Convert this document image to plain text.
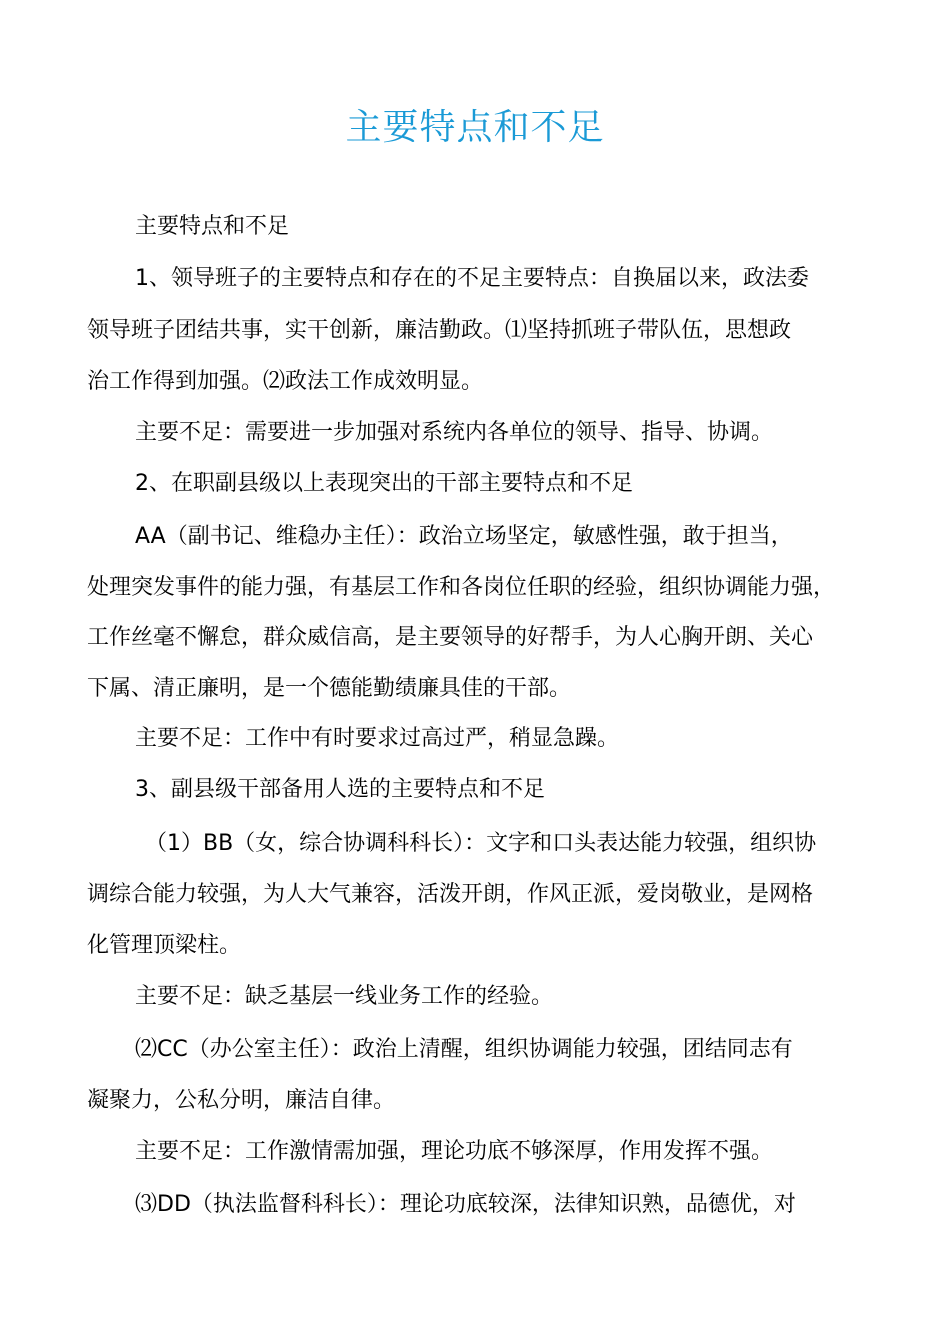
主要特点和不足
主要特点和不足
1、领导班子的主要特点和存在的不足主要特点：自换届以来，政法委
领导班子团结共事，实干创新，廉洁勤政。⑴坚持抓班子带队伍，思想政
治工作得到加强。⑵政法工作成效明显。
主要不足：需要进一步加强对系统内各单位的领导、指导、协调。
2、在职副县级以上表现突出的干部主要特点和不足
AA（副书记、维稳办主任）：政治立场坚定，敏感性强，敢于担当，
处理突发事件的能力强，有基层工作和各岗位任职的经验，组织协调能力强，
工作丝毫不懈怠，群众威信高，是主要领导的好帮手，为人心胸开朗、关心
下属、清正廉明，是一个德能勤绩廉具佳的干部。
主要不足：工作中有时要求过高过严，稍显急躁。
3、副县级干部备用人选的主要特点和不足
（1）BB（女，综合协调科科长）：文字和口头表达能力较强，组织协
调综合能力较强，为人大气兼容，活泼开朗，作风正派，爱岗敬业，是网格
化管理顶梁柱。
主要不足：缺乏基层一线业务工作的经验。
⑵CC（办公室主任）：政治上清醒，组织协调能力较强，团结同志有
凝聚力，公私分明，廉洁自律。
主要不足：工作激情需加强，理论功底不够深厚，作用发挥不强。
⑶DD（执法监督科科长）：理论功底较深，法律知识熟，品德优，对
